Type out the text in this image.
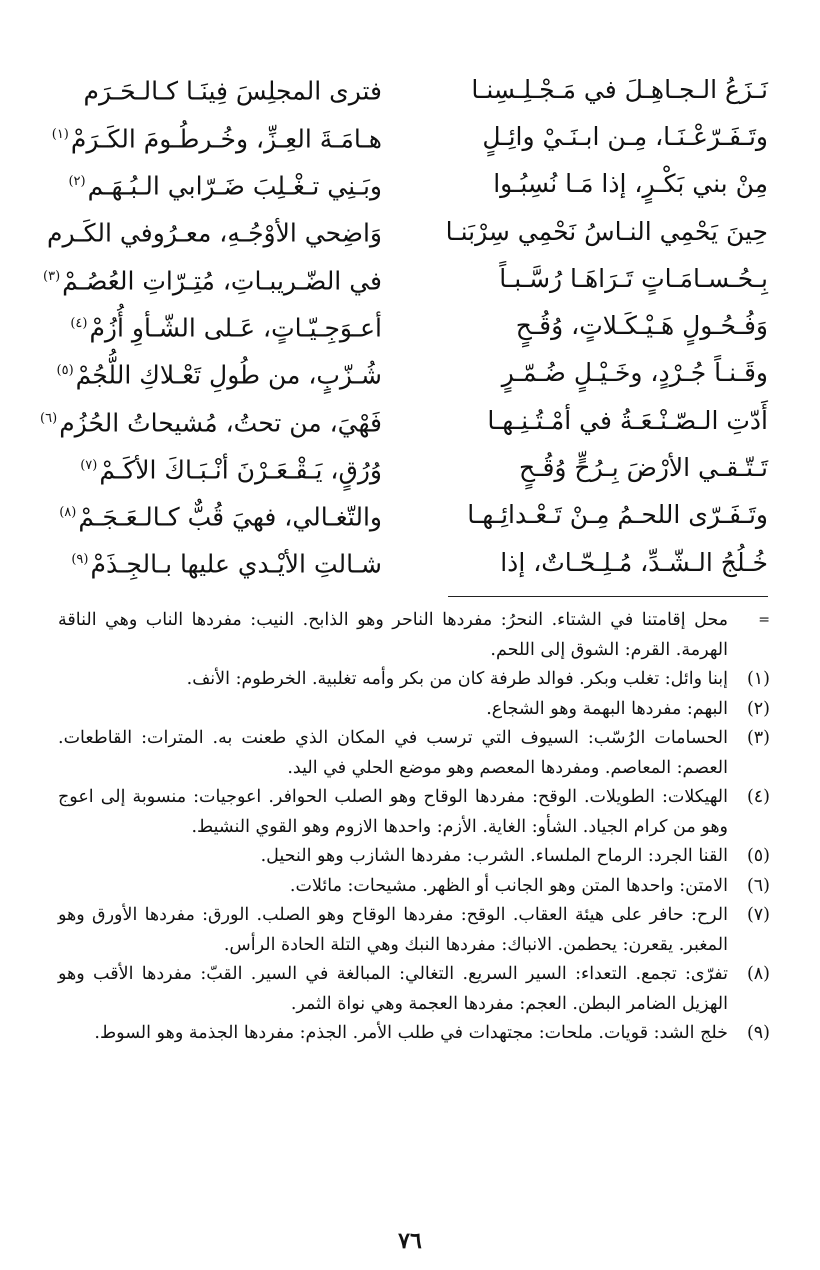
نَـزَعُ الـجـاهِـلَ في مَـجْـلِـسِنـا
فترى المجلِسَ فِينَـا كـالـحَـرَم
وتَـفَـرّعْـنَـا، مِـن ابـنَـيْ وائِـلٍ
هـامَـةَ العِـزِّ، وخُـرطُـومَ الكَـرَمْ$^{(١)}$
مِنْ بني بَكْـرٍ، إذا مَـا نُسِبُـوا
وبَـنِي تـغْـلِبَ ضَـرّابي الـبُـهَـم$^{(٢)}$
حِينَ يَحْمِي النـاسُ نَحْمِي سِرْبَنـا
وَاضِحي الأوْجُـهِ، معـرُوفي الكَـرم
بِـحُـسـامَـاتٍ تَـرَاهَـا رُسَّـبـاً
في الضّـريبـاتِ، مُتِـرّاتِ العُصُـمْ$^{(٣)}$
وَفُـحُـولٍ هَـيْـكَـلاتٍ، وُقُـحٍ
أعـوَجِـيّـاتٍ، عَـلى الشّـأوِ أُزُمْ$^{(٤)}$
وقَـنـاً جُـرْدٍ، وخَـيْـلٍ ضُـمّـرٍ
شُـزّبٍ، من طُولِ تَعْـلاكِ اللُّجُمْ$^{(٥)}$
أَدّتِ الـصّـنْـعَـةُ في أمْـتُـنِـهـا
فَهْيَ، من تحتُ، مُشيحاتُ الحُزُم$^{(٦)}$
تَـتّـقـي الأرْضَ بِـرُحٍّ وُقُـحٍ
وُرُقٍ، يَـقْـعَـرْنَ أنْـبَـاكَ الأكَـمْ$^{(٧)}$
وتَـفَـرّى اللحـمُ مِـنْ تَـعْـدائِـهـا
والتّغـالي، فهيَ قُبٌّ كـالـعَـجَـمْ$^{(٨)}$
خُـلُجُ الـشّـدِّ، مُـلِـحّـاتٌ، إذا
شـالتِ الأيْـدي عليها بـالجِـذَمْ$^{(٩)}$

=
محل إقامتنا في الشتاء. النحرُ: مفردها الناحر وهو الذابح. النيب: مفردها الناب وهي الناقة الهرمة. القرم: الشوق إلى اللحم.

(١)
إبنا وائل: تغلب وبكر. فوالد طرفة كان من بكر وأمه تغلبية. الخرطوم: الأنف.

(٢)
البهم: مفردها البهمة وهو الشجاع.

(٣)
الحسامات الرُسّب: السيوف التي ترسب في المكان الذي طعنت به. المترات: القاطعات. العصم: المعاصم. ومفردها المعصم وهو موضع الحلي في اليد.

(٤)
الهيكلات: الطويلات. الوقح: مفردها الوقاح وهو الصلب الحوافر. اعوجيات: منسوبة إلى اعوج وهو من كرام الجياد. الشأو: الغاية. الأزم: واحدها الازوم وهو القوي النشيط.

(٥)
القنا الجرد: الرماح الملساء. الشرب: مفردها الشازب وهو النحيل.

(٦)
الامتن: واحدها المتن وهو الجانب أو الظهر. مشيحات: مائلات.

(٧)
الرح: حافر على هيئة العقاب. الوقح: مفردها الوقاح وهو الصلب. الورق: مفردها الأورق وهو المغبر. يقعرن: يحطمن. الانباك: مفردها النبك وهي التلة الحادة الرأس.

(٨)
تفرّى: تجمع. التعداء: السير السريع. التغالي: المبالغة في السير. القبّ: مفردها الأقب وهو الهزيل الضامر البطن. العجم: مفردها العجمة وهي نواة الثمر.

(٩)
خلج الشد: قويات. ملحات: مجتهدات في طلب الأمر. الجذم: مفردها الجذمة وهو السوط.

٧٦
